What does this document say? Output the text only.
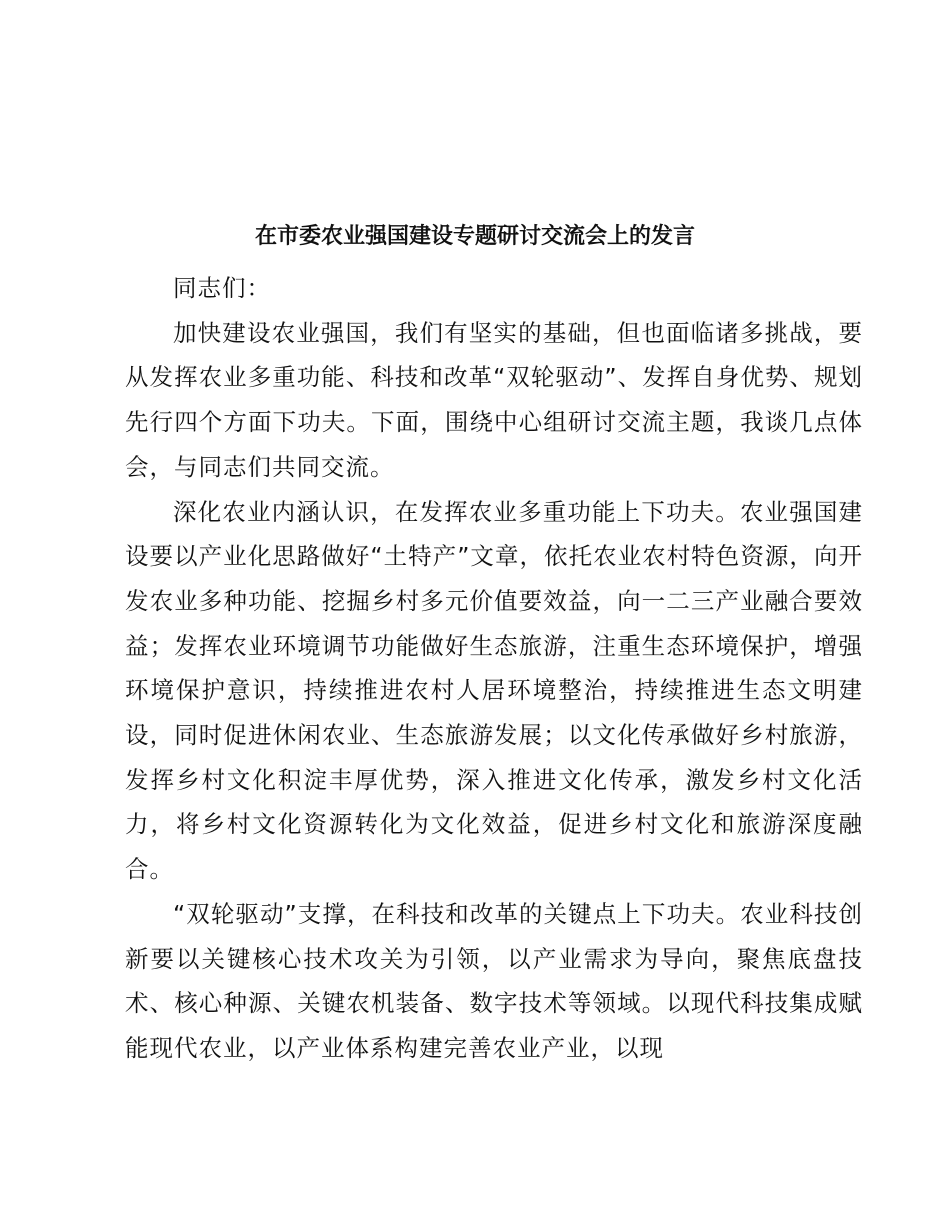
在市委农业强国建设专题研讨交流会上的发言

同志们：

加快建设农业强国，我们有坚实的基础，但也面临诸多挑战，要从发挥农业多重功能、科技和改革“双轮驱动”、发挥自身优势、规划先行四个方面下功夫。下面，围绕中心组研讨交流主题，我谈几点体会，与同志们共同交流。

深化农业内涵认识，在发挥农业多重功能上下功夫。农业强国建设要以产业化思路做好“土特产”文章，依托农业农村特色资源，向开发农业多种功能、挖掘乡村多元价值要效益，向一二三产业融合要效益；发挥农业环境调节功能做好生态旅游，注重生态环境保护，增强环境保护意识，持续推进农村人居环境整治，持续推进生态文明建设，同时促进休闲农业、生态旅游发展；以文化传承做好乡村旅游，发挥乡村文化积淀丰厚优势，深入推进文化传承，激发乡村文化活力，将乡村文化资源转化为文化效益，促进乡村文化和旅游深度融合。

“双轮驱动”支撑，在科技和改革的关键点上下功夫。农业科技创新要以关键核心技术攻关为引领，以产业需求为导向，聚焦底盘技术、核心种源、关键农机装备、数字技术等领域。以现代科技集成赋能现代农业，以产业体系构建完善农业产业，以现
